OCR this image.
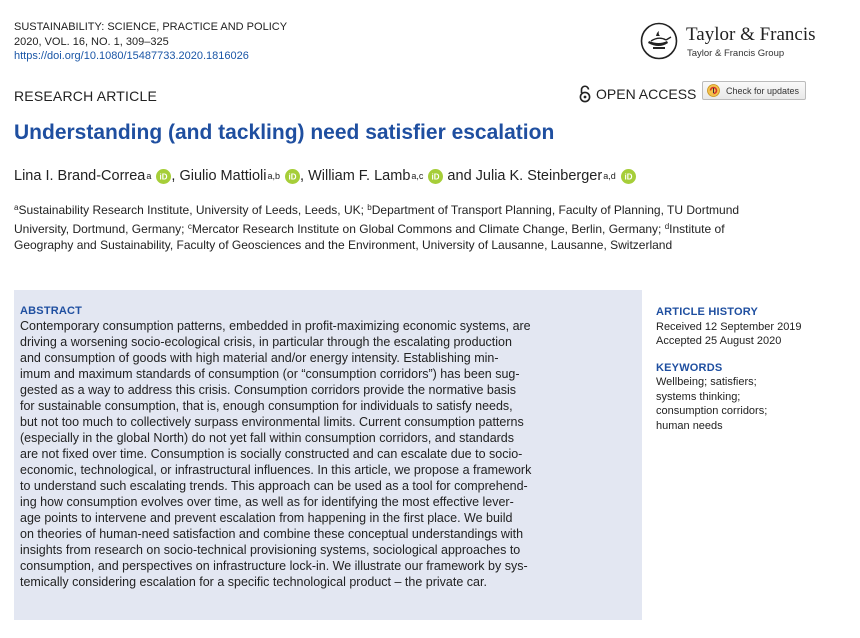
SUSTAINABILITY: SCIENCE, PRACTICE AND POLICY
2020, VOL. 16, NO. 1, 309–325
https://doi.org/10.1080/15487733.2020.1816026
Taylor & Francis
Taylor & Francis Group
RESEARCH ARTICLE	OPEN ACCESS	Check for updates
Understanding (and tackling) need satisfier escalation
Lina I. Brand-Correa a iD , Giulio Mattioli a,b iD , William F. Lamb a,c iD and Julia K. Steinberger a,d iD
$^a$Sustainability Research Institute, University of Leeds, Leeds, UK; $^b$Department of Transport Planning, Faculty of Planning, TU Dortmund University, Dortmund, Germany; $^c$Mercator Research Institute on Global Commons and Climate Change, Berlin, Germany; $^d$Institute of Geography and Sustainability, Faculty of Geosciences and the Environment, University of Lausanne, Lausanne, Switzerland
ABSTRACT
Contemporary consumption patterns, embedded in profit-maximizing economic systems, are
driving a worsening socio-ecological crisis, in particular through the escalating production
and consumption of goods with high material and/or energy intensity. Establishing min-
imum and maximum standards of consumption (or “consumption corridors”) has been sug-
gested as a way to address this crisis. Consumption corridors provide the normative basis
for sustainable consumption, that is, enough consumption for individuals to satisfy needs,
but not too much to collectively surpass environmental limits. Current consumption patterns
(especially in the global North) do not yet fall within consumption corridors, and standards
are not fixed over time. Consumption is socially constructed and can escalate due to socio-
economic, technological, or infrastructural influences. In this article, we propose a framework
to understand such escalating trends. This approach can be used as a tool for comprehend-
ing how consumption evolves over time, as well as for identifying the most effective lever-
age points to intervene and prevent escalation from happening in the first place. We build
on theories of human-need satisfaction and combine these conceptual understandings with
insights from research on socio-technical provisioning systems, sociological approaches to
consumption, and perspectives on infrastructure lock-in. We illustrate our framework by sys-
temically considering escalation for a specific technological product – the private car.
ARTICLE HISTORY
Received 12 September 2019
Accepted 25 August 2020
KEYWORDS
Wellbeing; satisfiers;
systems thinking;
consumption corridors;
human needs
